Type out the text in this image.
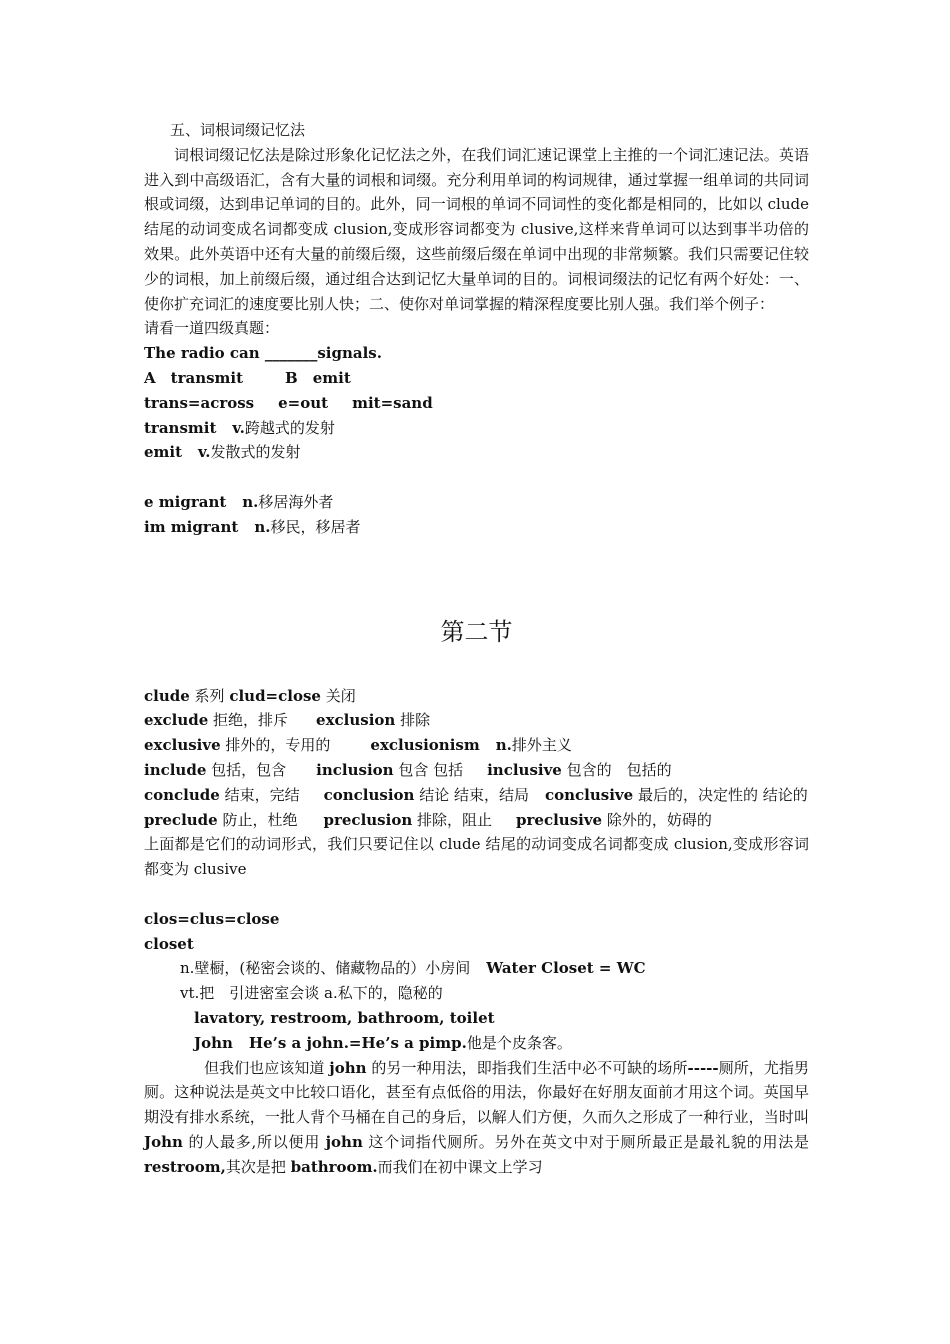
五、词根词缀记忆法

词根词缀记忆法是除过形象化记忆法之外，在我们词汇速记课堂上主推的一个词汇速记法。英语进入到中高级语汇，含有大量的词根和词缀。充分利用单词的构词规律，通过掌握一组单词的共同词根或词缀，达到串记单词的目的。此外，同一词根的单词不同词性的变化都是相同的，比如以 clude 结尾的动词变成名词都变成 clusion,变成形容词都变为 clusive,这样来背单词可以达到事半功倍的效果。此外英语中还有大量的前缀后缀，这些前缀后缀在单词中出现的非常频繁。我们只需要记住较少的词根，加上前缀后缀，通过组合达到记忆大量单词的目的。词根词缀法的记忆有两个好处：一、使你扩充词汇的速度要比别人快；二、使你对单词掌握的精深程度要比别人强。我们举个例子：

请看一道四级真题：
The radio can _______signals.
A　transmit	B　emit
trans=across e=out mit=sand
transmit v.跨越式的发射
emit v.发散式的发射
e migrant n.移居海外者
im migrant n.移民，移居者
第二节
clude 系列 clud=close 关闭
exclude 拒绝，排斥 exclusion 排除
exclusive 排外的，专用的	exclusionism n.排外主义
include 包括，包含 inclusion 包含 包括 inclusive 包含的　包括的
conclude 结束，完结 conclusion 结论 结束，结局 conclusive 最后的，决定性的 结论的
preclude 防止，杜绝 preclusion 排除，阻止 preclusive 除外的，妨碍的

上面都是它们的动词形式，我们只要记住以 clude 结尾的动词变成名词都变成 clusion,变成形容词都变为 clusive

clos=clus=close
closet
n.壁橱，(秘密会谈的、储藏物品的）小房间 Water Closet = WC
vt.把　引进密室会谈 a.私下的，隐秘的
lavatory, restroom, bathroom, toilet
John He’s a john.=He’s a pimp.他是个皮条客。

但我们也应该知道 john 的另一种用法，即指我们生活中必不可缺的场所-----厕所，尤指男厕。这种说法是英文中比较口语化，甚至有点低俗的用法，你最好在好朋友面前才用这个词。英国早期没有排水系统，一批人背个马桶在自己的身后，以解人们方便，久而久之形成了一种行业，当时叫 John 的人最多,所以便用 john 这个词指代厕所。另外在英文中对于厕所最正是最礼貌的用法是 restroom,其次是把 bathroom.而我们在初中课文上学习
